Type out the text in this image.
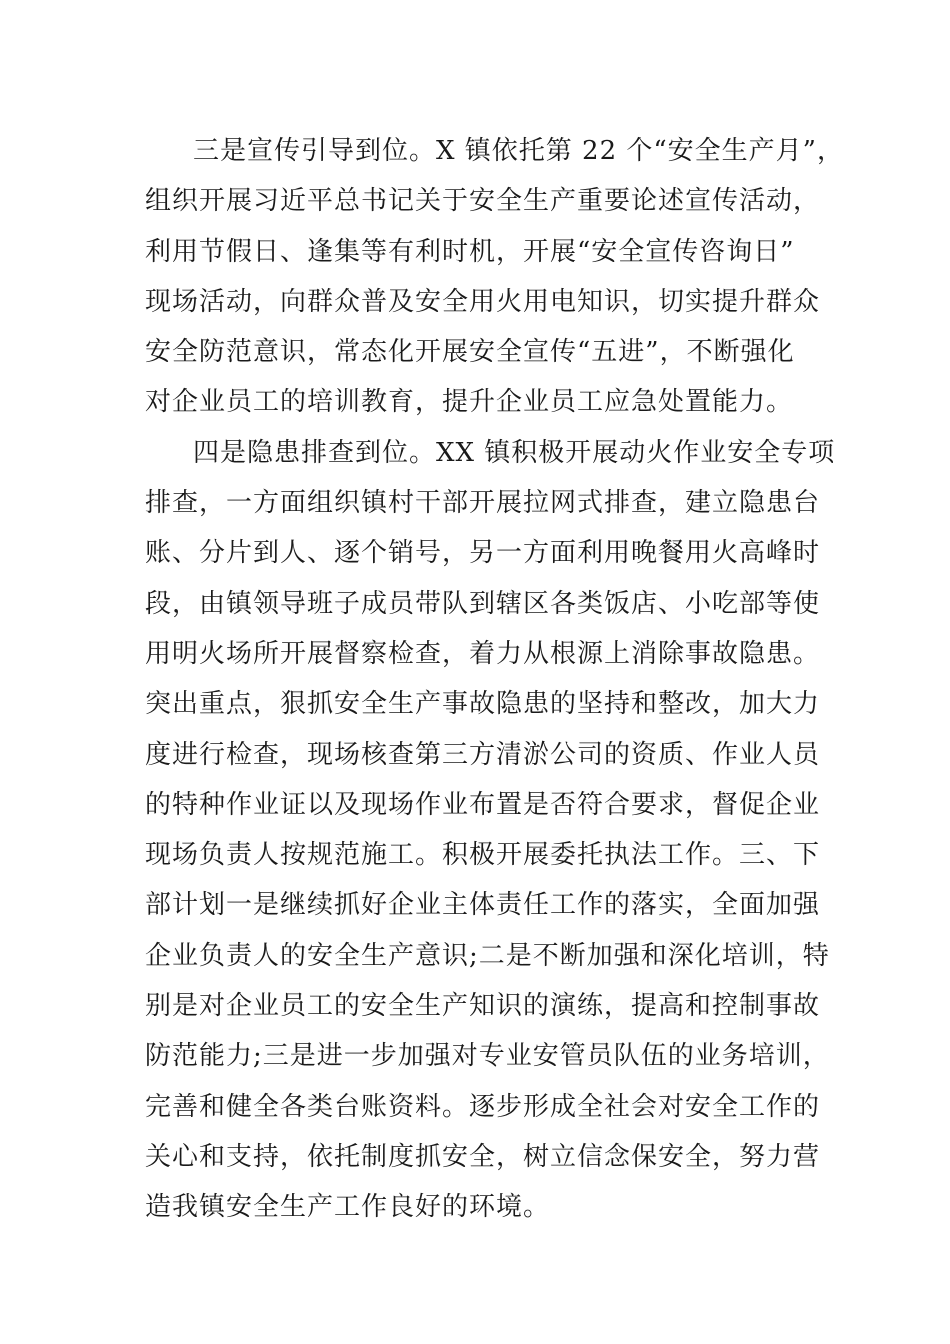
三是宣传引导到位。X 镇依托第 22 个“安全生产月”，
组织开展习近平总书记关于安全生产重要论述宣传活动，
利用节假日、逢集等有利时机，开展“安全宣传咨询日”
现场活动，向群众普及安全用火用电知识，切实提升群众
安全防范意识，常态化开展安全宣传“五进”，不断强化
对企业员工的培训教育，提升企业员工应急处置能力。
四是隐患排查到位。XX 镇积极开展动火作业安全专项
排查，一方面组织镇村干部开展拉网式排查，建立隐患台
账、分片到人、逐个销号，另一方面利用晚餐用火高峰时
段，由镇领导班子成员带队到辖区各类饭店、小吃部等使
用明火场所开展督察检查，着力从根源上消除事故隐患。
突出重点，狠抓安全生产事故隐患的坚持和整改，加大力
度进行检查，现场核查第三方清淤公司的资质、作业人员
的特种作业证以及现场作业布置是否符合要求，督促企业
现场负责人按规范施工。积极开展委托执法工作。三、下
部计划一是继续抓好企业主体责任工作的落实，全面加强
企业负责人的安全生产意识;二是不断加强和深化培训，特
别是对企业员工的安全生产知识的演练，提高和控制事故
防范能力;三是进一步加强对专业安管员队伍的业务培训，
完善和健全各类台账资料。逐步形成全社会对安全工作的
关心和支持，依托制度抓安全，树立信念保安全，努力营
造我镇安全生产工作良好的环境。
